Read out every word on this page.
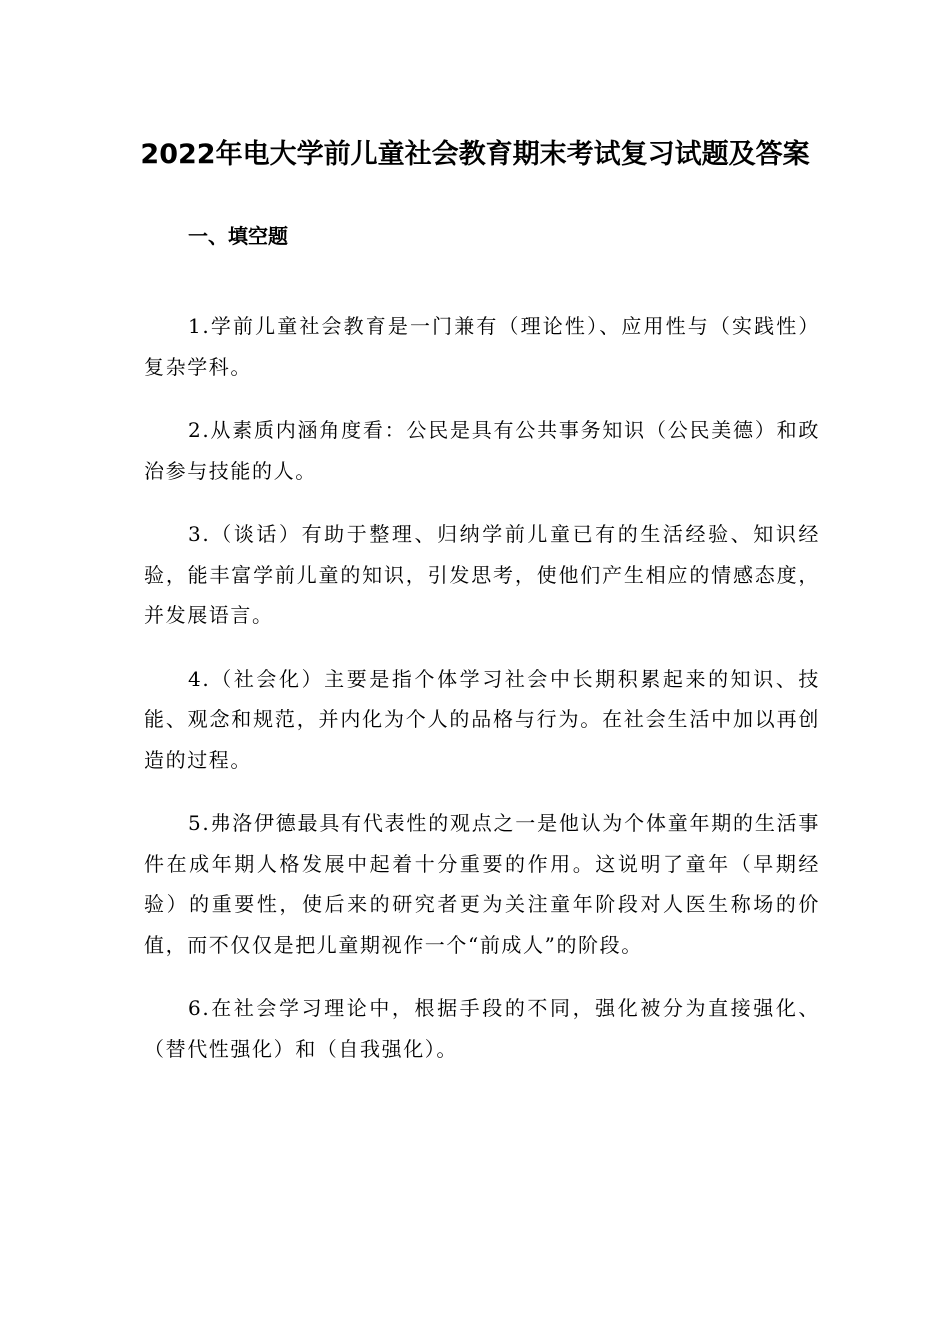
2022年电大学前儿童社会教育期末考试复习试题及答案
一、填空题
1.学前儿童社会教育是一门兼有（理论性）、应用性与（实践性）复杂学科。
2.从素质内涵角度看：公民是具有公共事务知识（公民美德）和政治参与技能的人。
3.（谈话）有助于整理、归纳学前儿童已有的生活经验、知识经验，能丰富学前儿童的知识，引发思考，使他们产生相应的情感态度，并发展语言。
4.（社会化）主要是指个体学习社会中长期积累起来的知识、技能、观念和规范，并内化为个人的品格与行为。在社会生活中加以再创造的过程。
5.弗洛伊德最具有代表性的观点之一是他认为个体童年期的生活事件在成年期人格发展中起着十分重要的作用。这说明了童年（早期经验）的重要性，使后来的研究者更为关注童年阶段对人医生称场的价值，而不仅仅是把儿童期视作一个“前成人”的阶段。
6.在社会学习理论中，根据手段的不同，强化被分为直接强化、（替代性强化）和（自我强化）。
